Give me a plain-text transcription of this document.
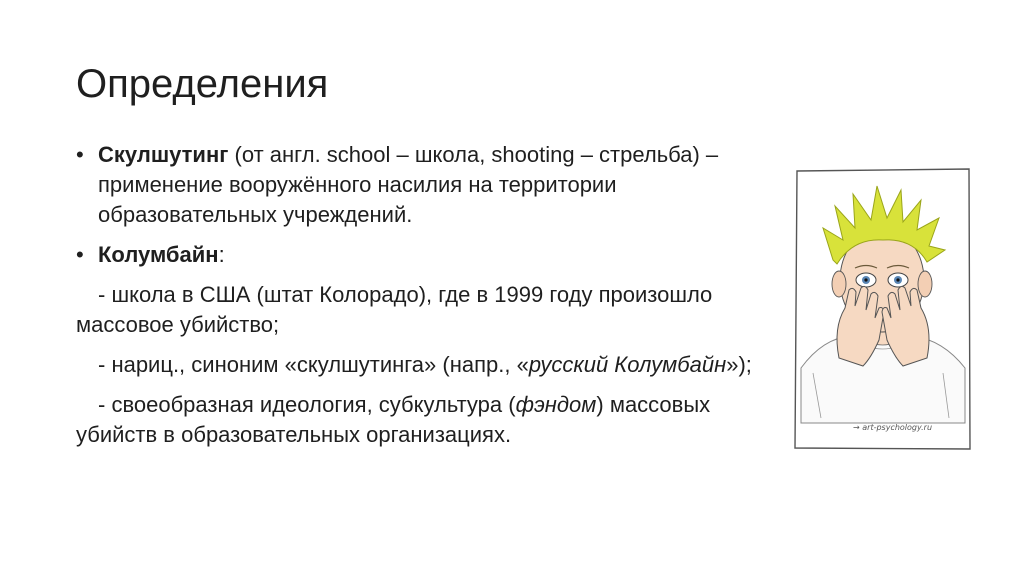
Определения
• Скулшутинг (от англ. school – школа, shooting – стрельба) – применение вооружённого насилия на территории образовательных учреждений.
• Колумбайн:
- школа в США (штат Колорадо), где в 1999 году произошло массовое убийство;
- нариц., синоним «скулшутинга» (напр., «русский Колумбайн»);
- своеобразная идеология, субкультура (фэндом) массовых убийств в образовательных организациях.	→ art-psychology.ru
